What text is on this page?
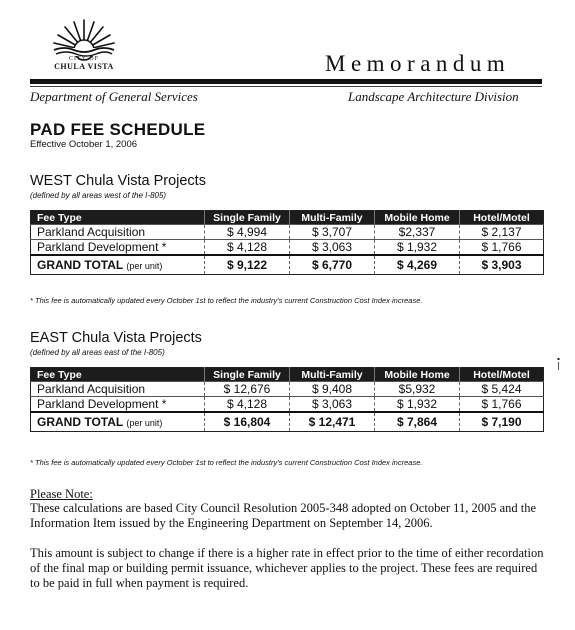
CITY OF
CHULA VISTA	Memorandum
Department of General Services	Landscape Architecture Division
PAD FEE SCHEDULE
Effective October 1, 2006
WEST Chula Vista Projects
(defined by all areas west of the I-805)
Fee Type	Single Family	Multi-Family	Mobile Home	Hotel/Motel
Parkland Acquisition	$ 4,994	$ 3,707	$2,337	$ 2,137
Parkland Development *	$ 4,128	$ 3,063	$ 1,932	$ 1,766
GRAND TOTAL (per unit)	$ 9,122	$ 6,770	$ 4,269	$ 3,903
* This fee is automatically updated every October 1st to reflect the industry's current Construction Cost Index increase.
EAST Chula Vista Projects
(defined by all areas east of the I-805)
Fee Type	Single Family	Multi-Family	Mobile Home	Hotel/Motel
Parkland Acquisition	$ 12,676	$ 9,408	$5,932	$ 5,424
Parkland Development *	$ 4,128	$ 3,063	$ 1,932	$ 1,766
GRAND TOTAL (per unit)	$ 16,804	$ 12,471	$ 7,864	$ 7,190
* This fee is automatically updated every October 1st to reflect the industry's current Construction Cost Index increase.
Please Note:
These calculations are based City Council Resolution 2005-348 adopted on October 11, 2005 and the Information Item issued by the Engineering Department on September 14, 2006.
This amount is subject to change if there is a higher rate in effect prior to the time of either recordation of the final map or building permit issuance, whichever applies to the project. These fees are required to be paid in full when payment is required.
